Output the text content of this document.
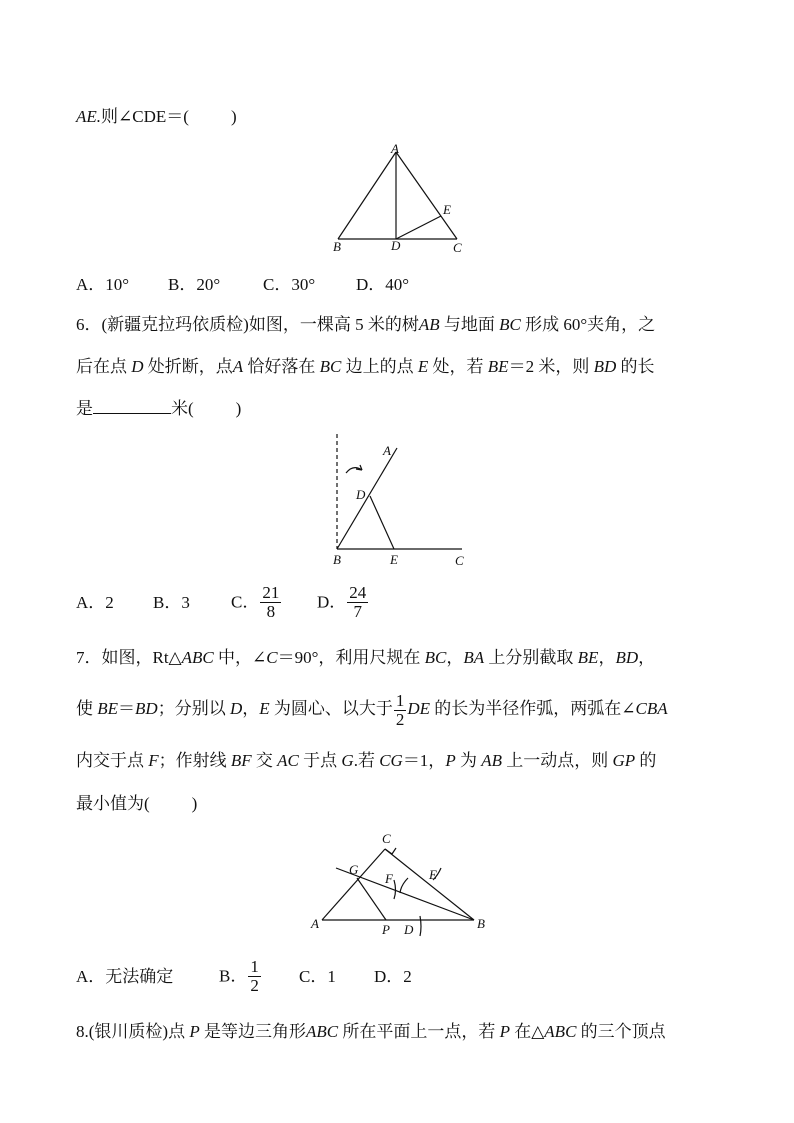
AE.则∠CDE＝( )
A
B	C
D
E
A．10° B．20°	C．30° D．40°
6．(新疆克拉玛依质检)如图，一棵高 5 米的树AB 与地面 BC 形成 60°夹角，之
后在点 D 处折断，点A 恰好落在 BC 边上的点 E 处，若 BE＝2 米，则 BD 的长
是	米( )
A
D
B	E	C
A．2 B．3 C． $\frac{21}{8}$ D． $\frac{24}{7}$
7．如图，Rt△ABC 中，∠C＝90°，利用尺规在 BC，BA 上分别截取 BE，BD，
使 BE＝BD；分别以 D，E 为圆心、以大于 $\frac{1}{2}$ DE 的长为半径作弧，两弧在∠CBA
内交于点 F；作射线 BF 交 AC 于点 G.若 CG＝1，P 为 AB 上一动点，则 GP 的
最小值为( )
C
G
F	E
A	P D	B
A．无法确定	B． $\frac{1}{2}$ C．1 D．2
8.(银川质检)点 P 是等边三角形ABC 所在平面上一点，若 P 在△ABC 的三个顶点
